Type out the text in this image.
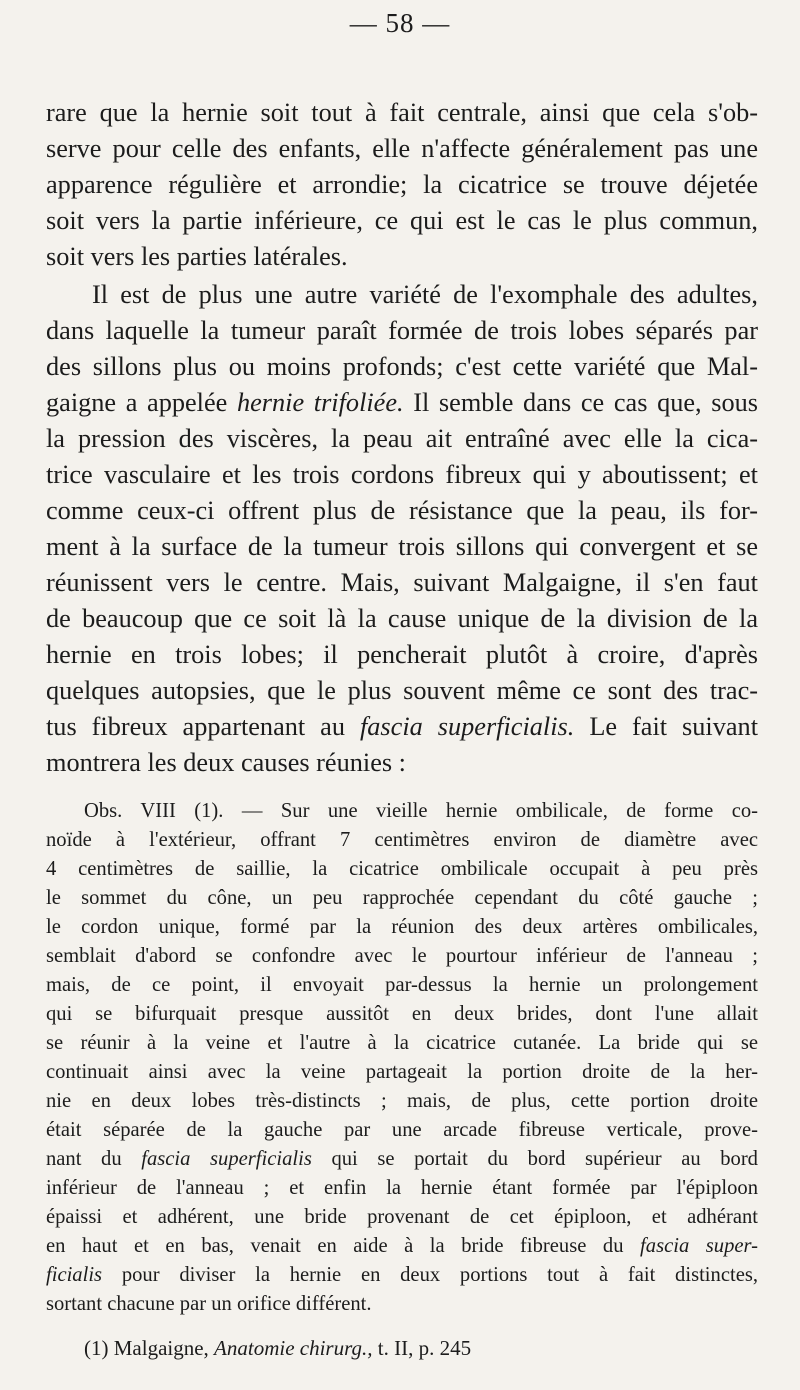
— 58 —
rare que la hernie soit tout à fait centrale, ainsi que cela s'ob-
serve pour celle des enfants, elle n'affecte généralement pas une
apparence régulière et arrondie; la cicatrice se trouve déjetée
soit vers la partie inférieure, ce qui est le cas le plus commun,
soit vers les parties latérales.
Il est de plus une autre variété de l'exomphale des adultes,
dans laquelle la tumeur paraît formée de trois lobes séparés par
des sillons plus ou moins profonds; c'est cette variété que Mal-
gaigne a appelée hernie trifoliée. Il semble dans ce cas que, sous
la pression des viscères, la peau ait entraîné avec elle la cica-
trice vasculaire et les trois cordons fibreux qui y aboutissent; et
comme ceux-ci offrent plus de résistance que la peau, ils for-
ment à la surface de la tumeur trois sillons qui convergent et se
réunissent vers le centre. Mais, suivant Malgaigne, il s'en faut
de beaucoup que ce soit là la cause unique de la division de la
hernie en trois lobes; il pencherait plutôt à croire, d'après
quelques autopsies, que le plus souvent même ce sont des trac-
tus fibreux appartenant au fascia superficialis. Le fait suivant
montrera les deux causes réunies :
Obs. VIII (1). — Sur une vieille hernie ombilicale, de forme co-
noïde à l'extérieur, offrant 7 centimètres environ de diamètre avec
4 centimètres de saillie, la cicatrice ombilicale occupait à peu près
le sommet du cône, un peu rapprochée cependant du côté gauche ;
le cordon unique, formé par la réunion des deux artères ombilicales,
semblait d'abord se confondre avec le pourtour inférieur de l'anneau ;
mais, de ce point, il envoyait par-dessus la hernie un prolongement
qui se bifurquait presque aussitôt en deux brides, dont l'une allait
se réunir à la veine et l'autre à la cicatrice cutanée. La bride qui se
continuait ainsi avec la veine partageait la portion droite de la her-
nie en deux lobes très-distincts ; mais, de plus, cette portion droite
était séparée de la gauche par une arcade fibreuse verticale, prove-
nant du fascia superficialis qui se portait du bord supérieur au bord
inférieur de l'anneau ; et enfin la hernie étant formée par l'épiploon
épaissi et adhérent, une bride provenant de cet épiploon, et adhérant
en haut et en bas, venait en aide à la bride fibreuse du fascia super-
ficialis pour diviser la hernie en deux portions tout à fait distinctes,
sortant chacune par un orifice différent.
(1) Malgaigne, Anatomie chirurg., t. II, p. 245
